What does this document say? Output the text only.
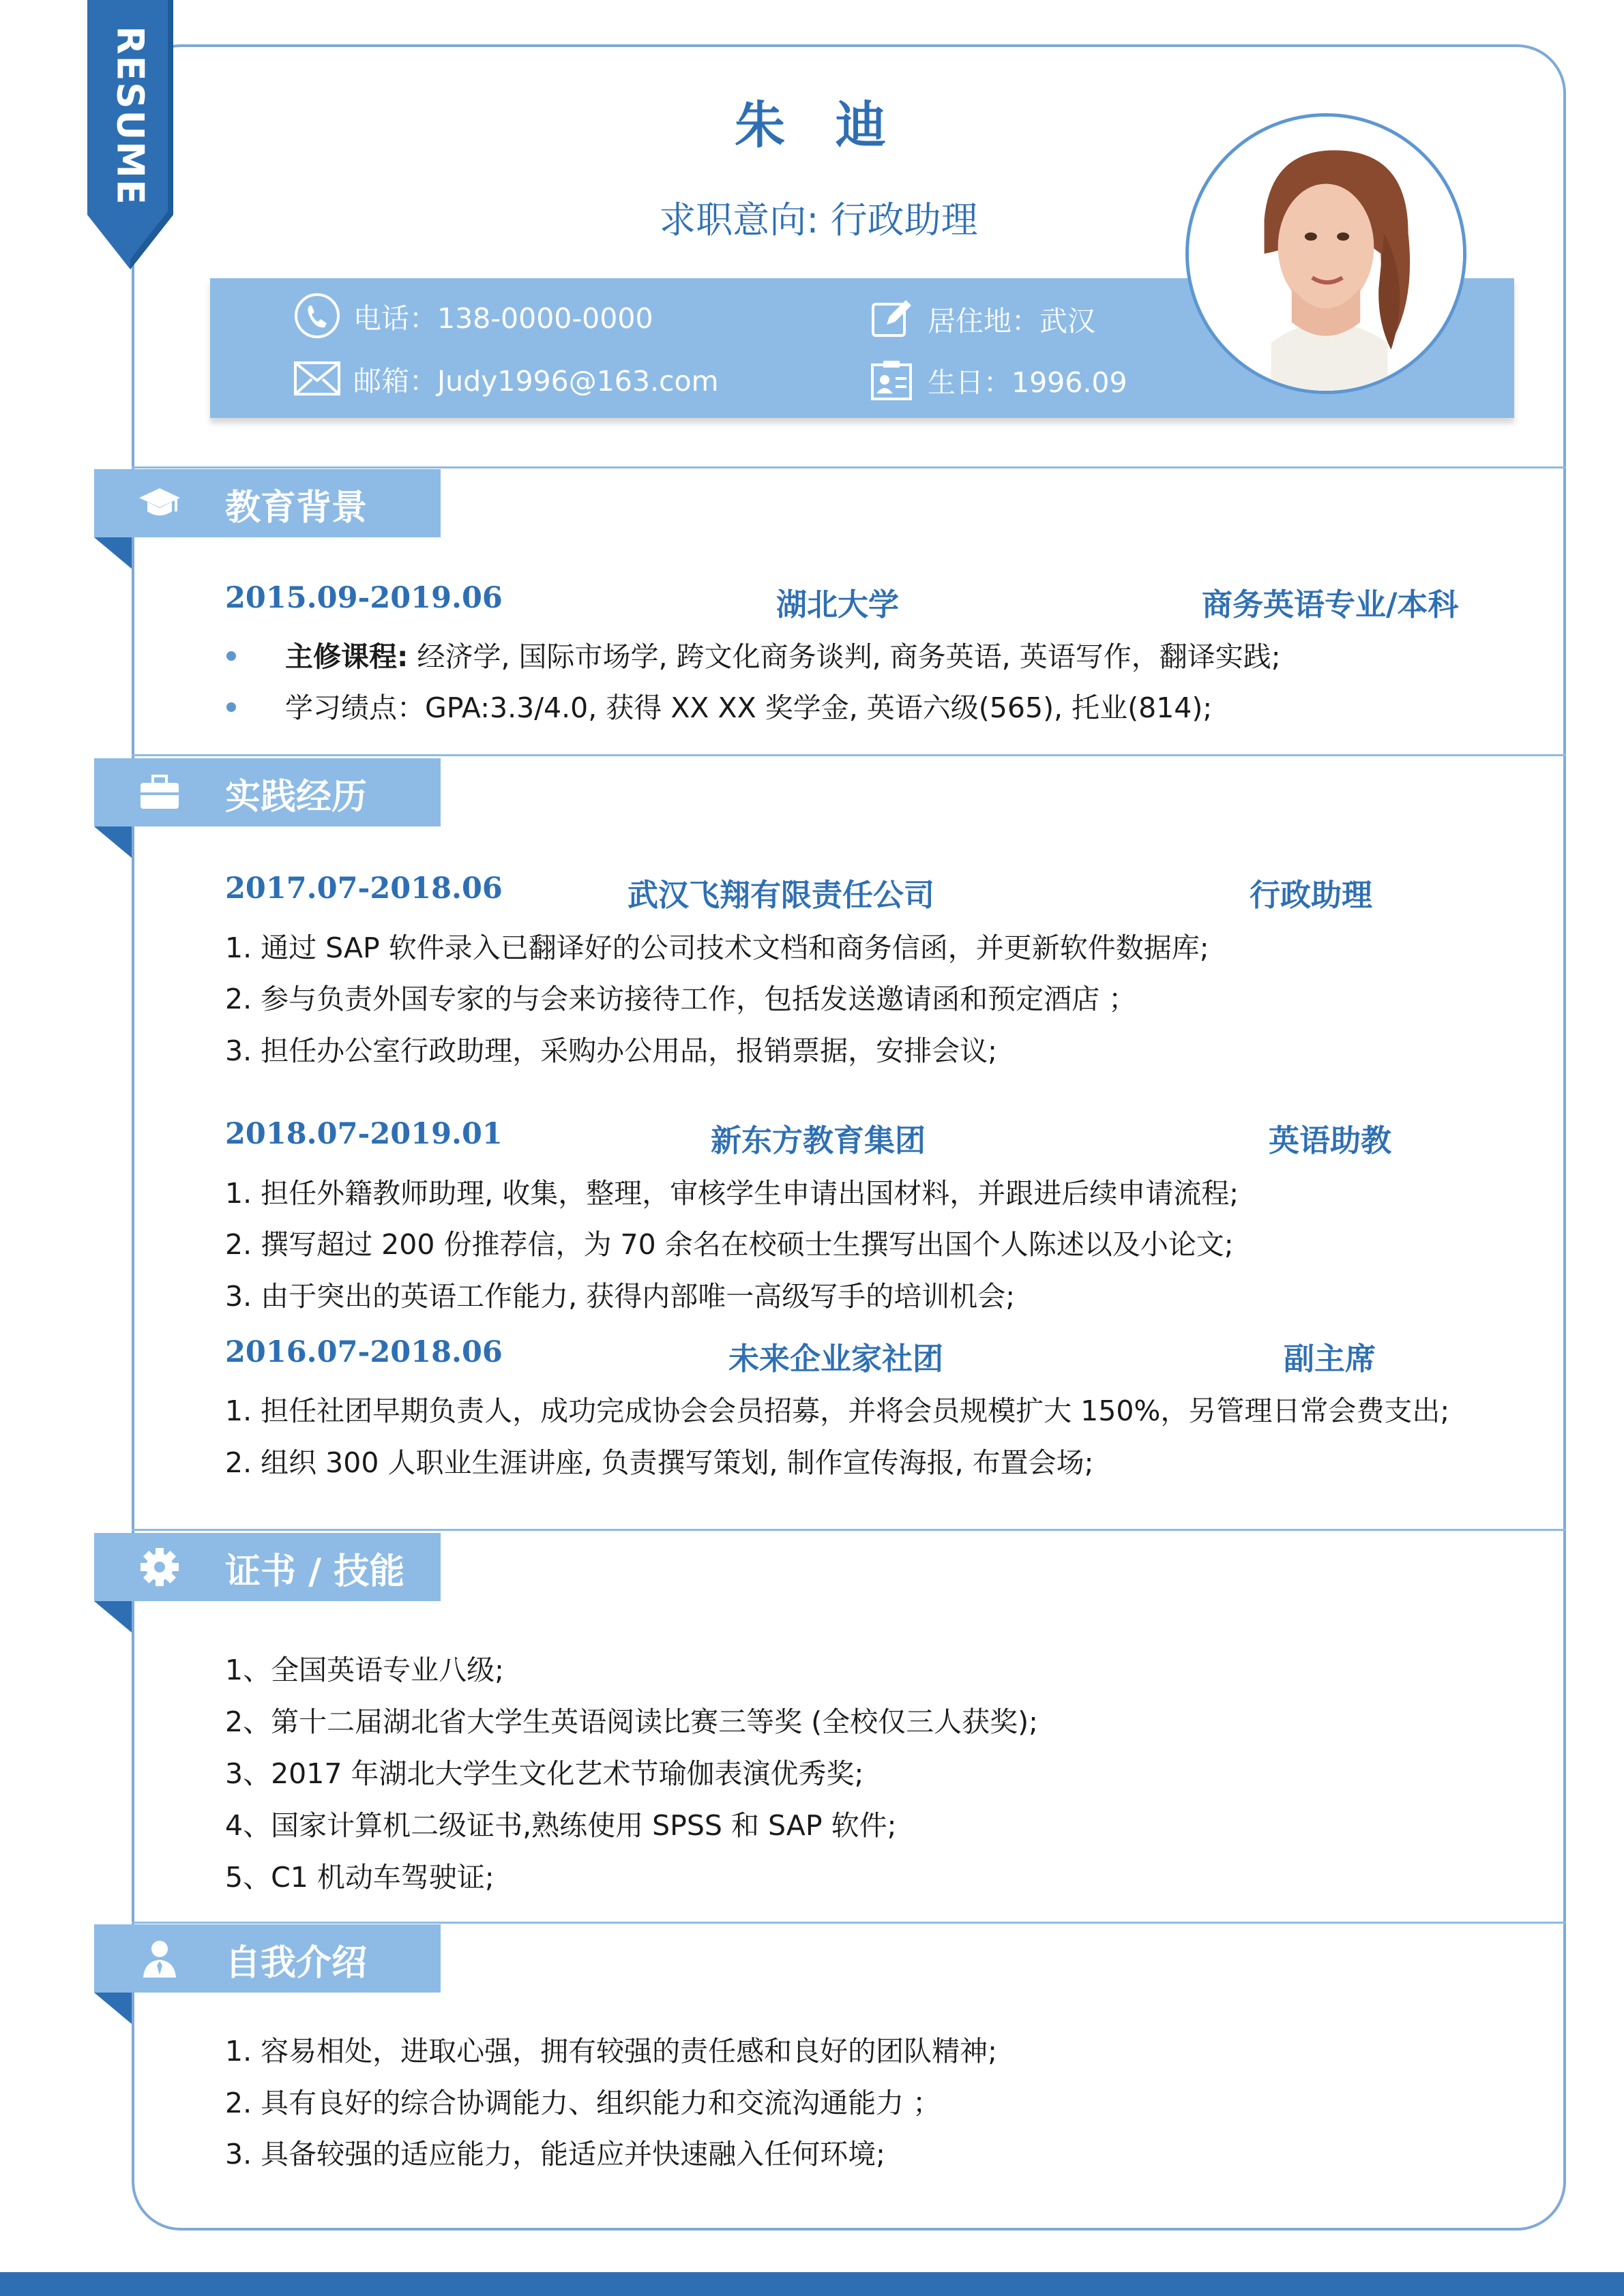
RESUME	朱 迪
求职意向: 行政助理
电话：138-0000-0000	居住地：武汉
邮箱：Judy1996@163.com	生日：1996.09
教育背景
2015.09-2019.06	湖北大学	商务英语专业/本科
主修课程: 经济学, 国际市场学, 跨文化商务谈判, 商务英语, 英语写作，翻译实践;
学习绩点：GPA:3.3/4.0, 获得 XX XX 奖学金, 英语六级(565), 托业(814);
实践经历
2017.07-2018.06	武汉飞翔有限责任公司	行政助理
1. 通过 SAP 软件录入已翻译好的公司技术文档和商务信函，并更新软件数据库;
2. 参与负责外国专家的与会来访接待工作，包括发送邀请函和预定酒店 ；
3. 担任办公室行政助理，采购办公用品，报销票据，安排会议;
2018.07-2019.01	新东方教育集团	英语助教
1. 担任外籍教师助理, 收集，整理，审核学生申请出国材料，并跟进后续申请流程;
2. 撰写超过 200 份推荐信，为 70 余名在校硕士生撰写出国个人陈述以及小论文;
3. 由于突出的英语工作能力, 获得内部唯一高级写手的培训机会;
2016.07-2018.06	未来企业家社团	副主席
1. 担任社团早期负责人，成功完成协会会员招募，并将会员规模扩大 150%，另管理日常会费支出;
2. 组织 300 人职业生涯讲座, 负责撰写策划, 制作宣传海报, 布置会场;
证书 / 技能
1、全国英语专业八级;
2、第十二届湖北省大学生英语阅读比赛三等奖 (全校仅三人获奖);
3、2017 年湖北大学生文化艺术节瑜伽表演优秀奖;
4、国家计算机二级证书,熟练使用 SPSS 和 SAP 软件;
5、C1 机动车驾驶证;
自我介绍
1. 容易相处，进取心强，拥有较强的责任感和良好的团队精神;
2. 具有良好的综合协调能力、组织能力和交流沟通能力 ；
3. 具备较强的适应能力，能适应并快速融入任何环境;
